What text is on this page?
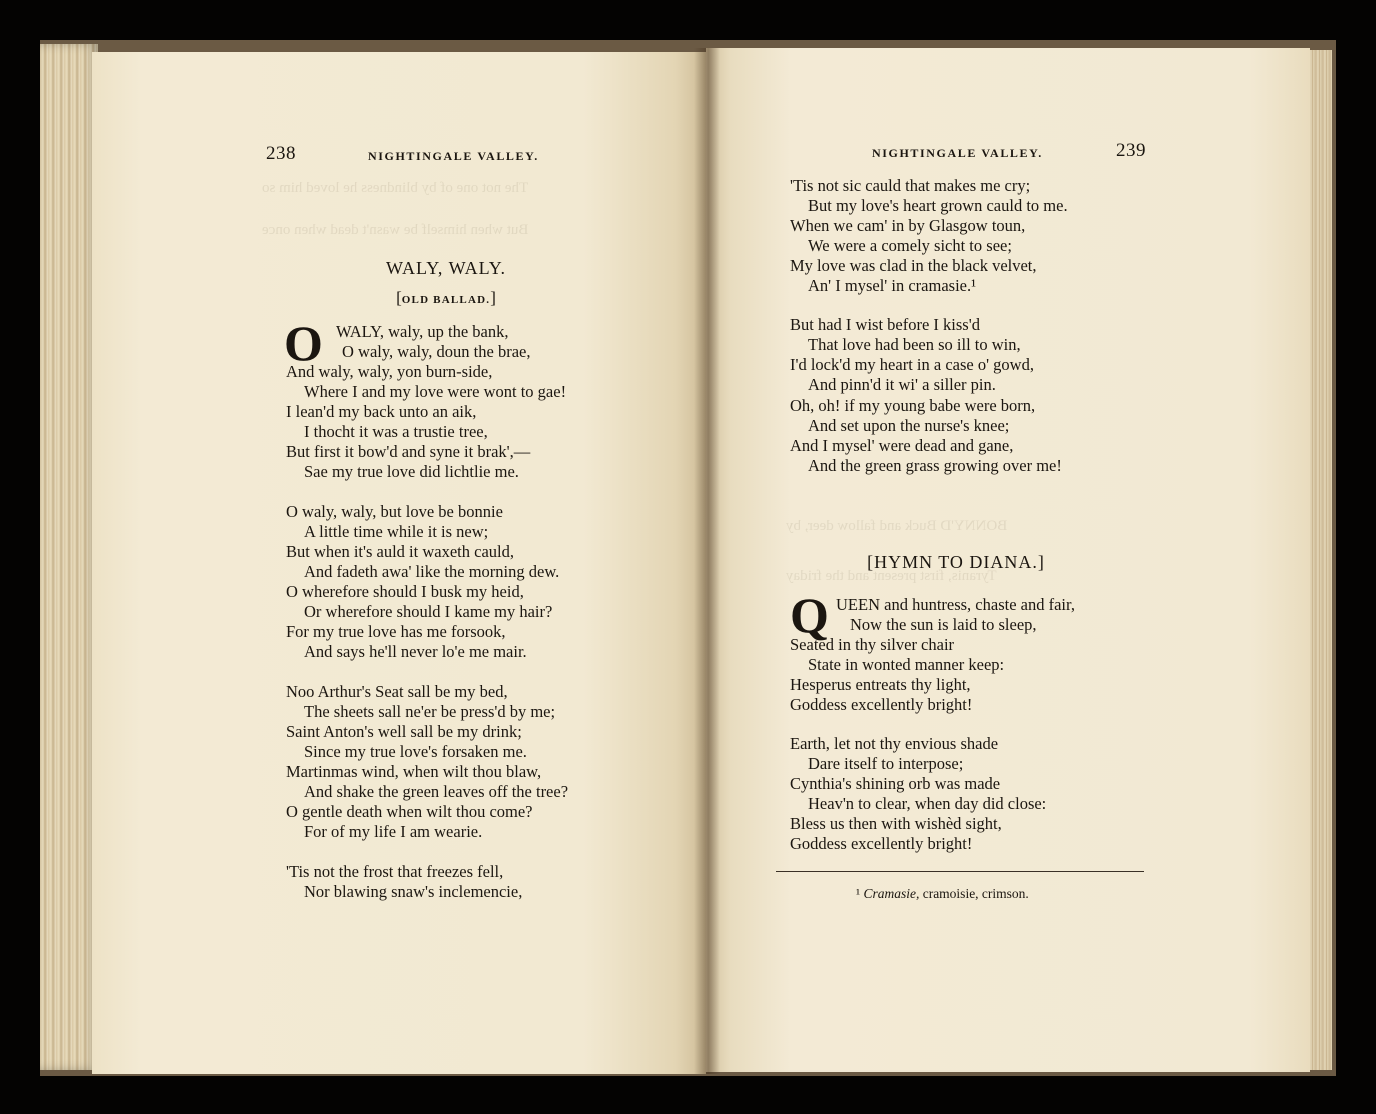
The not one of by blindness he loved him so
But when himself be wasn't dead when once
238	NIGHTINGALE VALLEY.
WALY, WALY.
[OLD BALLAD.]
O WALY, waly, up the bank,
O waly, waly, doun the brae,
And waly, waly, yon burn-side,
Where I and my love were wont to gae!
I lean'd my back unto an aik,
I thocht it was a trustie tree,
But first it bow'd and syne it brak',—
Sae my true love did lichtlie me.
O waly, waly, but love be bonnie
A little time while it is new;
But when it's auld it waxeth cauld,
And fadeth awa' like the morning dew.
O wherefore should I busk my heid,
Or wherefore should I kame my hair?
For my true love has me forsook,
And says he'll never lo'e me mair.
Noo Arthur's Seat sall be my bed,
The sheets sall ne'er be press'd by me;
Saint Anton's well sall be my drink;
Since my true love's forsaken me.
Martinmas wind, when wilt thou blaw,
And shake the green leaves off the tree?
O gentle death when wilt thou come?
For of my life I am wearie.
'Tis not the frost that freezes fell,
Nor blawing snaw's inclemencie,
BONNY'D Buck and fallow deer, by
Tyranis, first present and the friday
NIGHTINGALE VALLEY.	239
'Tis not sic cauld that makes me cry;
But my love's heart grown cauld to me.
When we cam' in by Glasgow toun,
We were a comely sicht to see;
My love was clad in the black velvet,
An' I mysel' in cramasie.¹
But had I wist before I kiss'd
That love had been so ill to win,
I'd lock'd my heart in a case o' gowd,
And pinn'd it wi' a siller pin.
Oh, oh! if my young babe were born,
And set upon the nurse's knee;
And I mysel' were dead and gane,
And the green grass growing over me!
[HYMN TO DIANA.]
Q UEEN and huntress, chaste and fair,
Now the sun is laid to sleep,
Seated in thy silver chair
State in wonted manner keep:
Hesperus entreats thy light,
Goddess excellently bright!
Earth, let not thy envious shade
Dare itself to interpose;
Cynthia's shining orb was made
Heav'n to clear, when day did close:
Bless us then with wishèd sight,
Goddess excellently bright!
¹ Cramasie, cramoisie, crimson.
